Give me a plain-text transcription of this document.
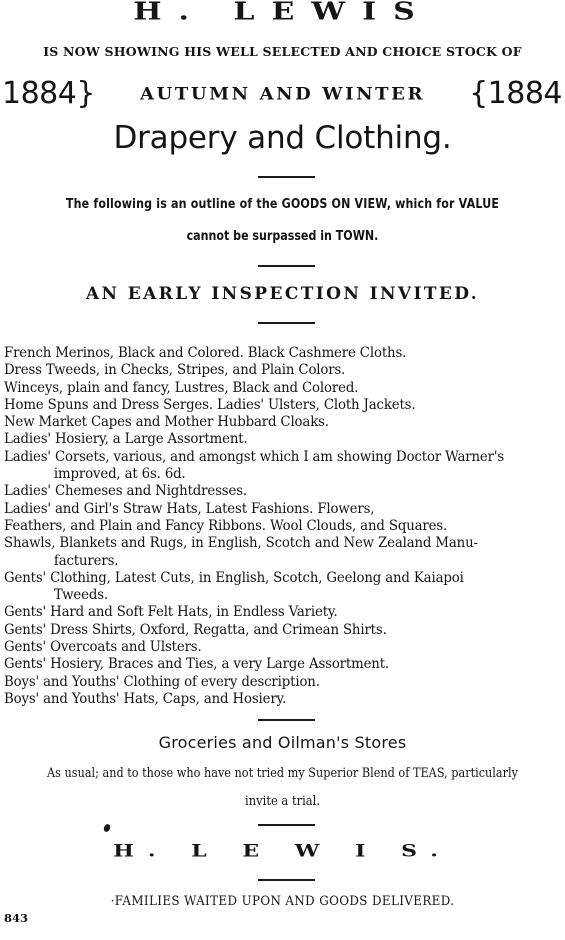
H. LEWIS
IS NOW SHOWING HIS WELL SELECTED AND CHOICE STOCK OF
1884}	AUTUMN AND WINTER	{1884
Drapery and Clothing.
The following is an outline of the GOODS ON VIEW, which for VALUE
cannot be surpassed in TOWN.
AN EARLY INSPECTION INVITED.
French Merinos, Black and Colored. Black Cashmere Cloths.
Dress Tweeds, in Checks, Stripes, and Plain Colors.
Winceys, plain and fancy, Lustres, Black and Colored.
Home Spuns and Dress Serges. Ladies' Ulsters, Cloth Jackets.
New Market Capes and Mother Hubbard Cloaks.
Ladies' Hosiery, a Large Assortment.
Ladies' Corsets, various, and amongst which I am showing Doctor Warner's
improved, at 6s. 6d.
Ladies' Chemeses and Nightdresses.
Ladies' and Girl's Straw Hats, Latest Fashions. Flowers,
Feathers, and Plain and Fancy Ribbons. Wool Clouds, and Squares.
Shawls, Blankets and Rugs, in English, Scotch and New Zealand Manu-
facturers.
Gents' Clothing, Latest Cuts, in English, Scotch, Geelong and Kaiapoi
Tweeds.
Gents' Hard and Soft Felt Hats, in Endless Variety.
Gents' Dress Shirts, Oxford, Regatta, and Crimean Shirts.
Gents' Overcoats and Ulsters.
Gents' Hosiery, Braces and Ties, a very Large Assortment.
Boys' and Youths' Clothing of every description.
Boys' and Youths' Hats, Caps, and Hosiery.
Groceries and Oilman's Stores
As usual; and to those who have not tried my Superior Blend of TEAS, particularly
invite a trial.
H. L E W I S.
·FAMILIES WAITED UPON AND GOODS DELIVERED.
843
